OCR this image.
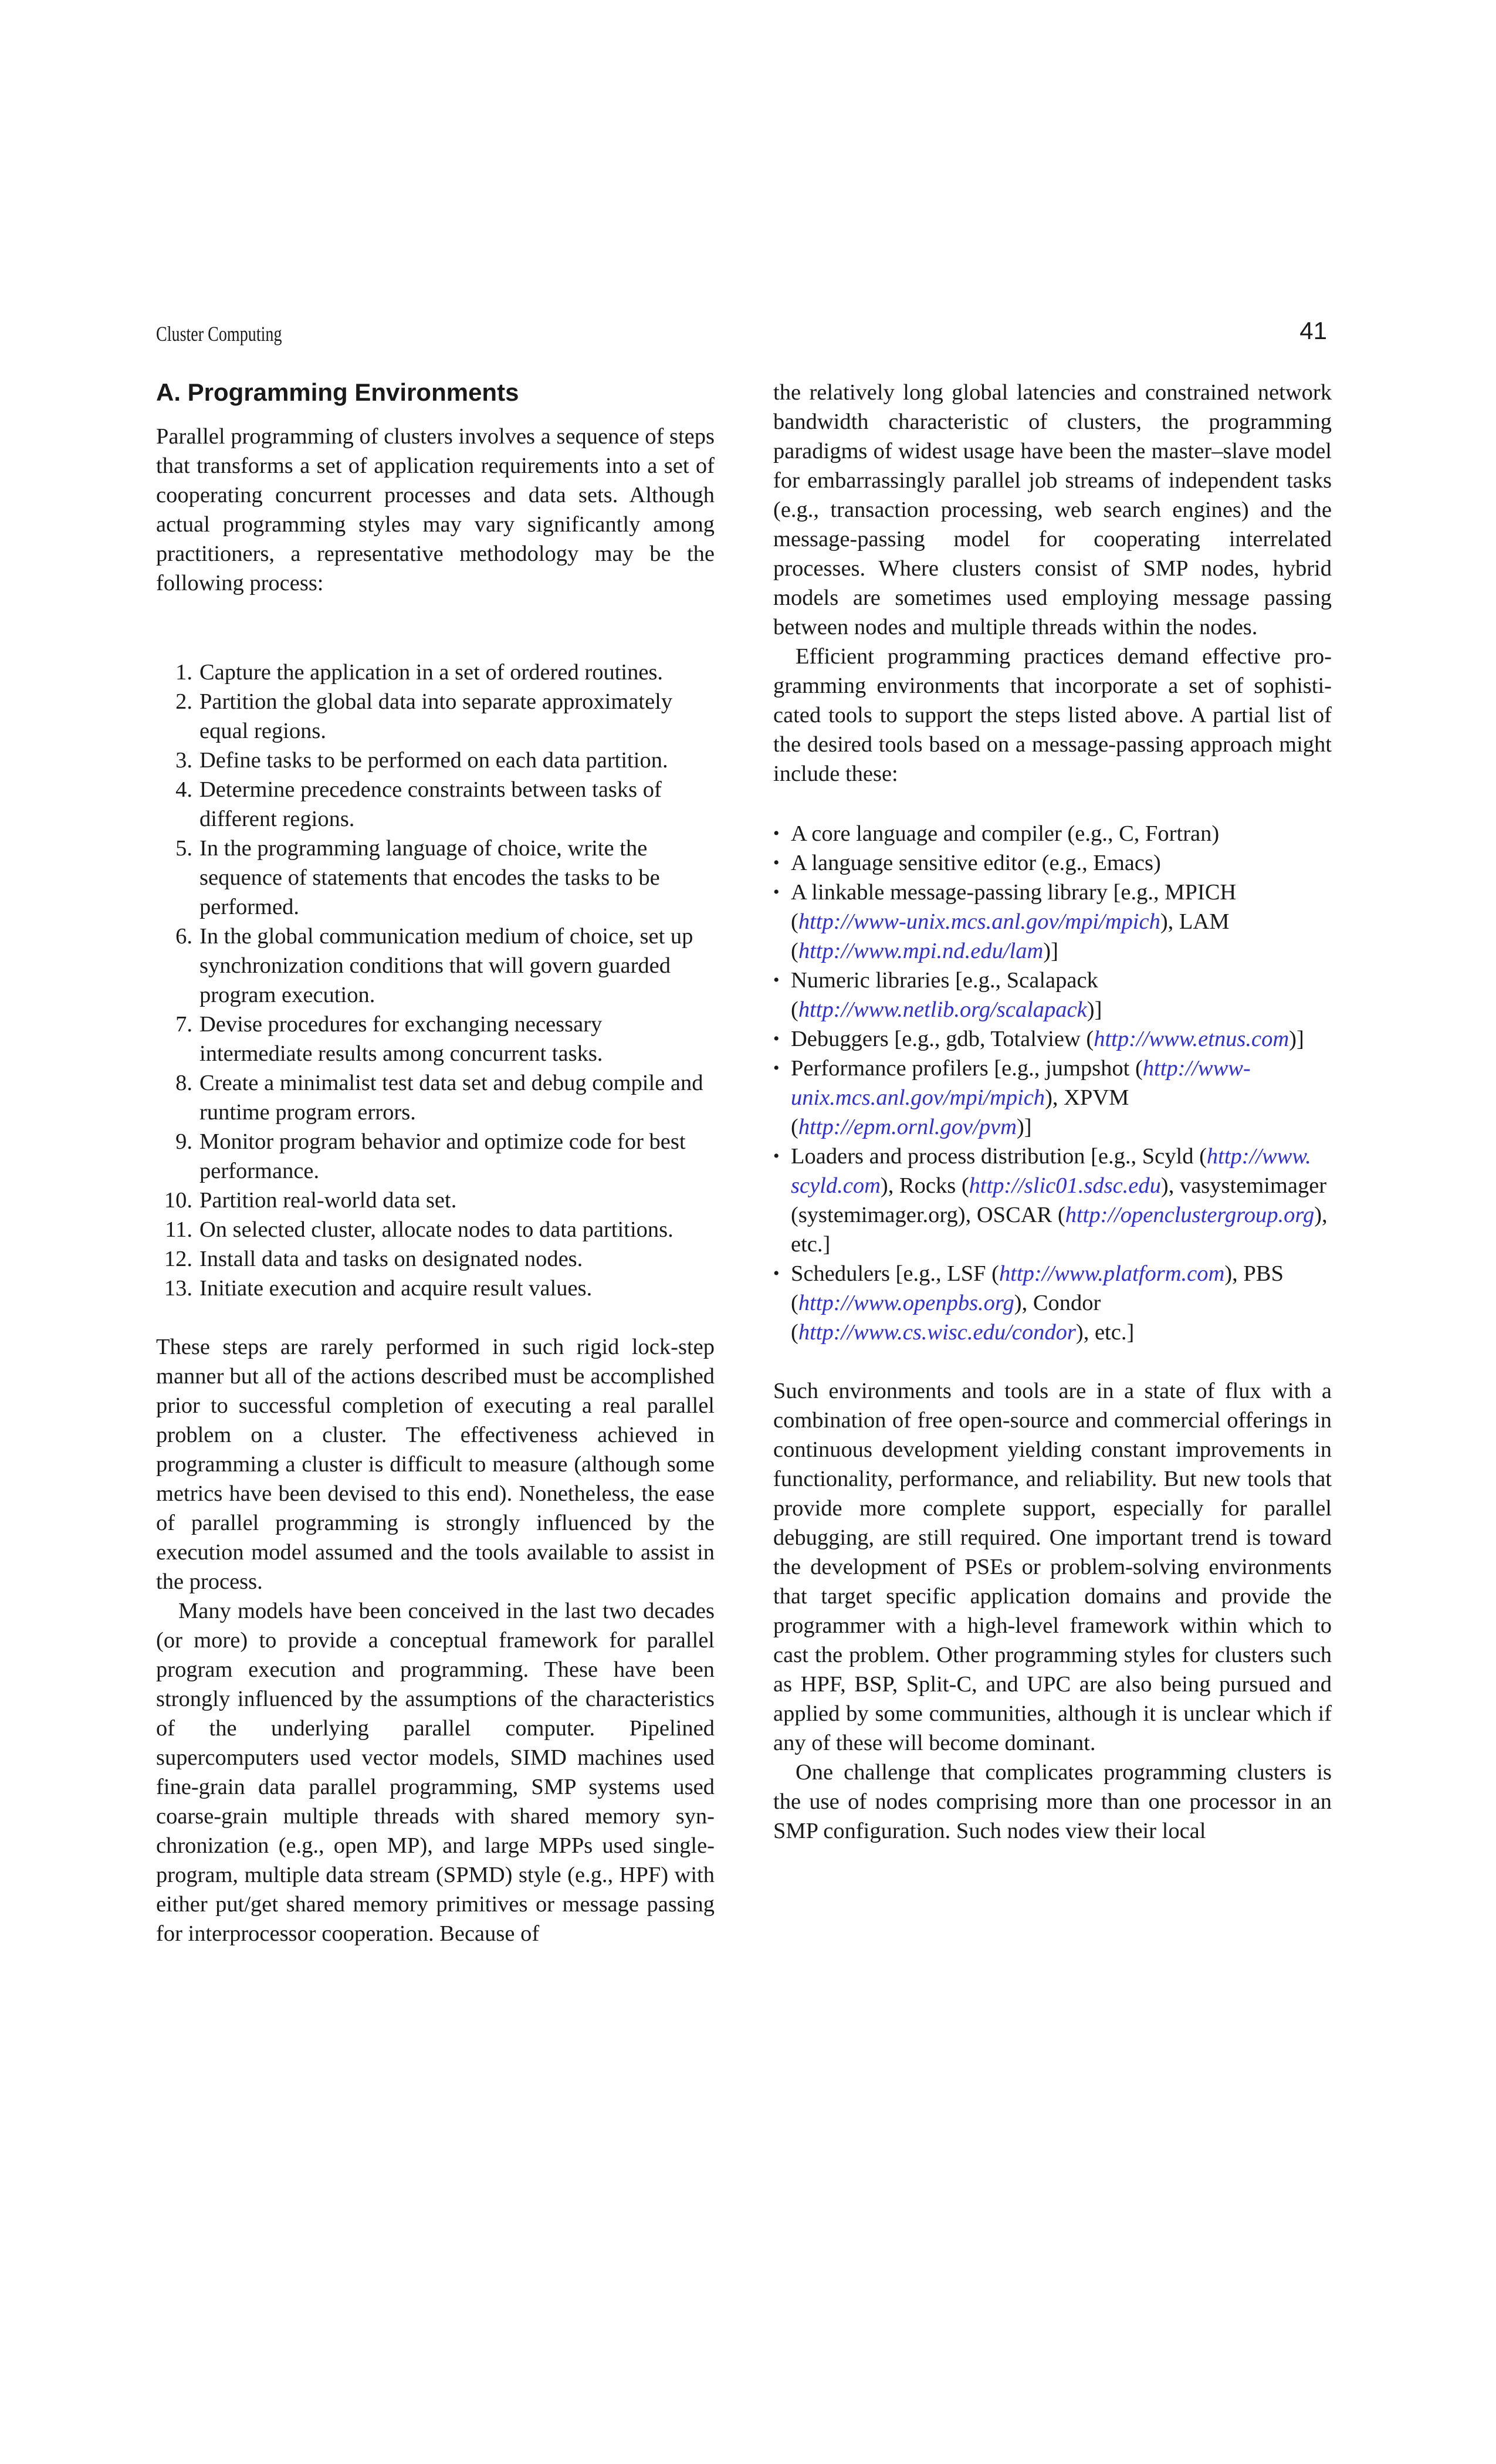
Cluster Computing	41
A. Programming Environments

Parallel programming of clusters involves a sequence of steps that transforms a set of application requirements into a set of cooperating concurrent processes and data sets. Although actual programming styles may vary significantly among practitioners, a representative methodology may be the following process:

1. Capture the application in a set of ordered routines.
2. Partition the global data into separate approximately equal regions.
3. Define tasks to be performed on each data partition.
4. Determine precedence constraints between tasks of different regions.
5. In the programming language of choice, write the sequence of statements that encodes the tasks to be performed.
6. In the global communication medium of choice, set up synchronization conditions that will govern guarded program execution.
7. Devise procedures for exchanging necessary intermediate results among concurrent tasks.
8. Create a minimalist test data set and debug compile and runtime program errors.
9. Monitor program behavior and optimize code for best performance.
10. Partition real-world data set.
11. On selected cluster, allocate nodes to data partitions.
12. Install data and tasks on designated nodes.
13. Initiate execution and acquire result values.

These steps are rarely performed in such rigid lock-step manner but all of the actions described must be accomplished prior to successful completion of executing a real parallel problem on a cluster. The effectiveness achieved in programming a cluster is difficult to measure (although some metrics have been devised to this end). Nonetheless, the ease of parallel programming is strongly influenced by the execution model assumed and the tools available to assist in the process.

Many models have been conceived in the last two decades (or more) to provide a conceptual framework for parallel program execution and programming. These have been strongly influenced by the assumptions of the characteristics of the underlying parallel computer. Pipelined supercomputers used vector models, SIMD machines used fine-grain data parallel programming, SMP systems used coarse-grain multiple threads with shared memory synchronization (e.g., open MP), and large MPPs used single-program, multiple data stream (SPMD) style (e.g., HPF) with either put/get shared memory primitives or message passing for interprocessor cooperation. Because of

the relatively long global latencies and constrained network bandwidth characteristic of clusters, the programming paradigms of widest usage have been the master–slave model for embarrassingly parallel job streams of independent tasks (e.g., transaction processing, web search engines) and the message-passing model for cooperating interrelated processes. Where clusters consist of SMP nodes, hybrid models are sometimes used employing message passing between nodes and multiple threads within the nodes.

Efficient programming practices demand effective programming environments that incorporate a set of sophisticated tools to support the steps listed above. A partial list of the desired tools based on a message-passing approach might include these:

• A core language and compiler (e.g., C, Fortran)
• A language sensitive editor (e.g., Emacs)
• A linkable message-passing library [e.g., MPICH (http://www-unix.mcs.anl.gov/mpi/mpich), LAM (http://www.mpi.nd.edu/lam)]
• Numeric libraries [e.g., Scalapack (http://www.netlib.org/scalapack)]
• Debuggers [e.g., gdb, Totalview (http://www.etnus.com)]
• Performance profilers [e.g., jumpshot (http://www-unix.mcs.anl.gov/mpi/mpich), XPVM (http://epm.ornl.gov/pvm)]
• Loaders and process distribution [e.g., Scyld (http://www. scyld.com), Rocks (http://slic01.sdsc.edu), vasystemimager (systemimager.org), OSCAR (http://openclustergroup.org), etc.]
• Schedulers [e.g., LSF (http://www.platform.com), PBS (http://www.openpbs.org), Condor (http://www.cs.wisc.edu/condor), etc.]

Such environments and tools are in a state of flux with a combination of free open-source and commercial offerings in continuous development yielding constant improvements in functionality, performance, and reliability. But new tools that provide more complete support, especially for parallel debugging, are still required. One important trend is toward the development of PSEs or problem-solving environments that target specific application domains and provide the programmer with a high-level framework within which to cast the problem. Other programming styles for clusters such as HPF, BSP, Split-C, and UPC are also being pursued and applied by some communities, although it is unclear which if any of these will become dominant.

One challenge that complicates programming clusters is the use of nodes comprising more than one processor in an SMP configuration. Such nodes view their local
